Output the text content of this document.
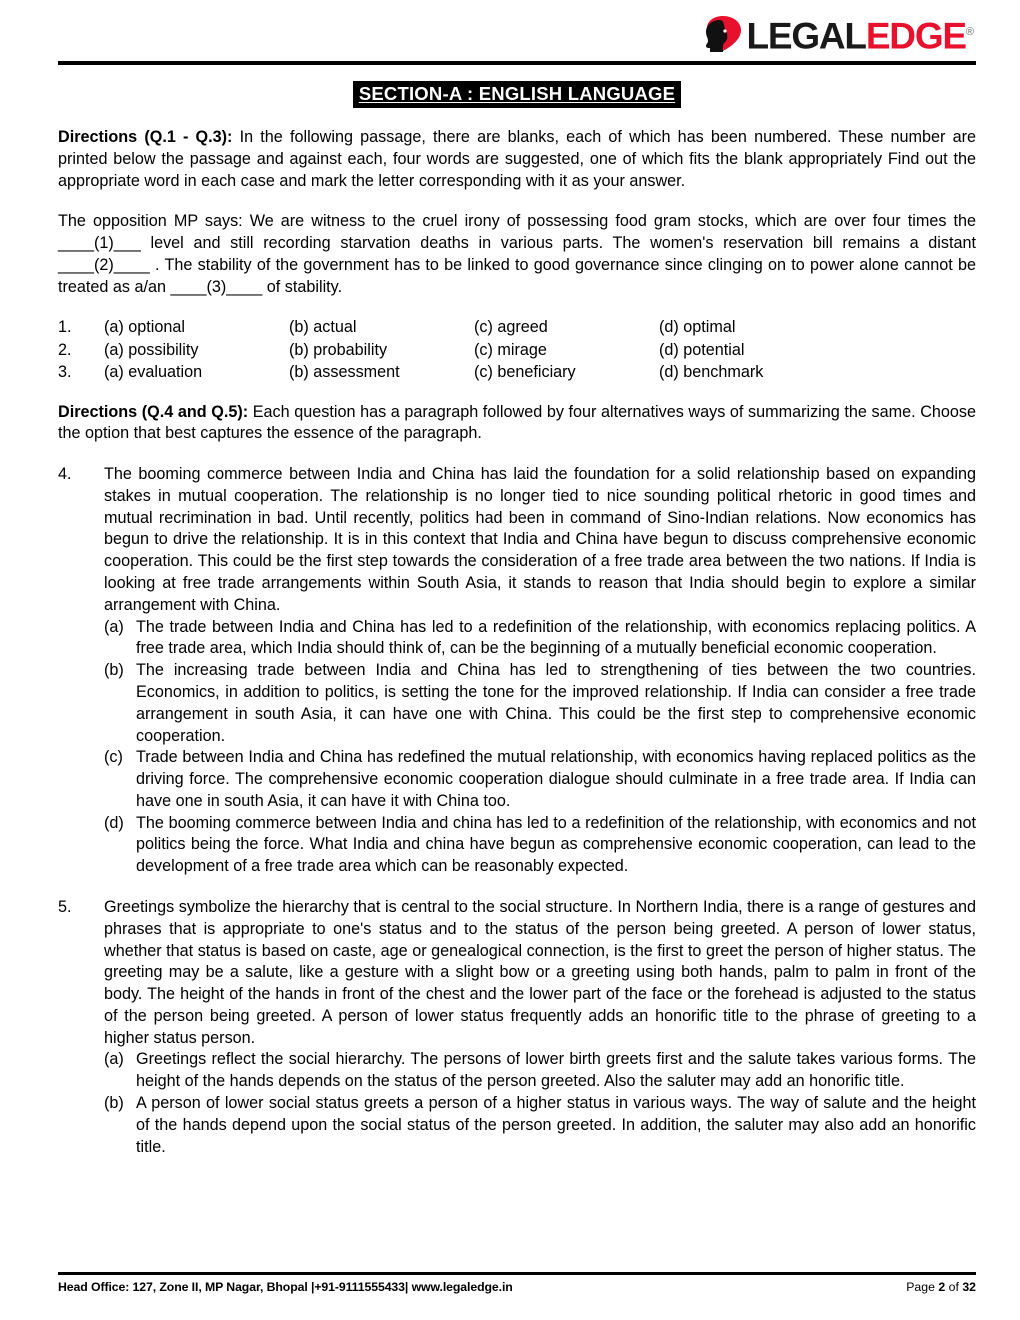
LEGALEDGE®
SECTION-A : ENGLISH LANGUAGE

Directions (Q.1 - Q.3): In the following passage, there are blanks, each of which has been numbered. These number are printed below the passage and against each, four words are suggested, one of which fits the blank appropriately Find out the appropriate word in each case and mark the letter corresponding with it as your answer.

The opposition MP says: We are witness to the cruel irony of possessing food gram stocks, which are over four times the ____(1)___ level and still recording starvation deaths in various parts. The women's reservation bill remains a distant ____(2)____ . The stability of the government has to be linked to good governance since clinging on to power alone cannot be treated as a/an ____(3)____ of stability.

1.	(a) optional	(b) actual	(c) agreed	(d) optimal
2.	(a) possibility	(b) probability	(c) mirage	(d) potential
3.	(a) evaluation	(b) assessment	(c) beneficiary	(d) benchmark

Directions (Q.4 and Q.5): Each question has a paragraph followed by four alternatives ways of summarizing the same. Choose the option that best captures the essence of the paragraph.

4.	The booming commerce between India and China has laid the foundation for a solid relationship based on expanding stakes in mutual cooperation. The relationship is no longer tied to nice sounding political rhetoric in good times and mutual recrimination in bad. Until recently, politics had been in command of Sino-Indian relations. Now economics has begun to drive the relationship. It is in this context that India and China have begun to discuss comprehensive economic cooperation. This could be the first step towards the consideration of a free trade area between the two nations. If India is looking at free trade arrangements within South Asia, it stands to reason that India should begin to explore a similar arrangement with China.

(a) The trade between India and China has led to a redefinition of the relationship, with economics replacing politics. A free trade area, which India should think of, can be the beginning of a mutually beneficial economic cooperation.
(b) The increasing trade between India and China has led to strengthening of ties between the two countries. Economics, in addition to politics, is setting the tone for the improved relationship. If India can consider a free trade arrangement in south Asia, it can have one with China. This could be the first step to comprehensive economic cooperation.
(c) Trade between India and China has redefined the mutual relationship, with economics having replaced politics as the driving force. The comprehensive economic cooperation dialogue should culminate in a free trade area. If India can have one in south Asia, it can have it with China too.
(d) The booming commerce between India and china has led to a redefinition of the relationship, with economics and not politics being the force. What India and china have begun as comprehensive economic cooperation, can lead to the development of a free trade area which can be reasonably expected.
5.	Greetings symbolize the hierarchy that is central to the social structure. In Northern India, there is a range of gestures and phrases that is appropriate to one's status and to the status of the person being greeted. A person of lower status, whether that status is based on caste, age or genealogical connection, is the first to greet the person of higher status. The greeting may be a salute, like a gesture with a slight bow or a greeting using both hands, palm to palm in front of the body. The height of the hands in front of the chest and the lower part of the face or the forehead is adjusted to the status of the person being greeted. A person of lower status frequently adds an honorific title to the phrase of greeting to a higher status person.

(a) Greetings reflect the social hierarchy. The persons of lower birth greets first and the salute takes various forms. The height of the hands depends on the status of the person greeted. Also the saluter may add an honorific title.
(b) A person of lower social status greets a person of a higher status in various ways. The way of salute and the height of the hands depend upon the social status of the person greeted. In addition, the saluter may also add an honorific title.
Head Office: 127, Zone II, MP Nagar, Bhopal |+91-9111555433| www.legaledge.in	Page 2 of 32
